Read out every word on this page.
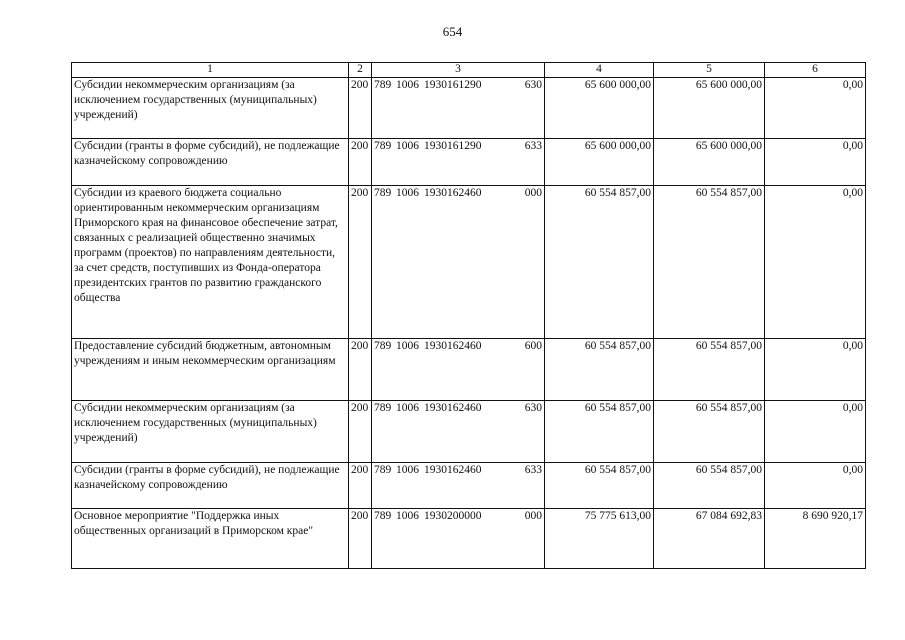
654
1	2	3	4	5	6
Субсидии некоммерческим организациям (за исключением государственных (муниципальных) учреждений)	200	789 1006 1930161290 630	65 600 000,00	65 600 000,00	0,00
Субсидии (гранты в форме субсидий), не подлежащие казначейскому сопровождению	200	789 1006 1930161290 633	65 600 000,00	65 600 000,00	0,00
Субсидии из краевого бюджета социально ориентированным некоммерческим организациям Приморского края на финансовое обеспечение затрат, связанных с реализацией общественно значимых программ (проектов) по направлениям деятельности, за счет средств, поступивших из Фонда-оператора президентских грантов по развитию гражданского общества	200	789 1006 1930162460 000	60 554 857,00	60 554 857,00	0,00
Предоставление субсидий бюджетным, автономным учреждениям и иным некоммерческим организациям	200	789 1006 1930162460 600	60 554 857,00	60 554 857,00	0,00
Субсидии некоммерческим организациям (за исключением государственных (муниципальных) учреждений)	200	789 1006 1930162460 630	60 554 857,00	60 554 857,00	0,00
Субсидии (гранты в форме субсидий), не подлежащие казначейскому сопровождению	200	789 1006 1930162460 633	60 554 857,00	60 554 857,00	0,00
Основное мероприятие "Поддержка иных общественных организаций в Приморском крае"	200	789 1006 1930200000 000	75 775 613,00	67 084 692,83	8 690 920,17
